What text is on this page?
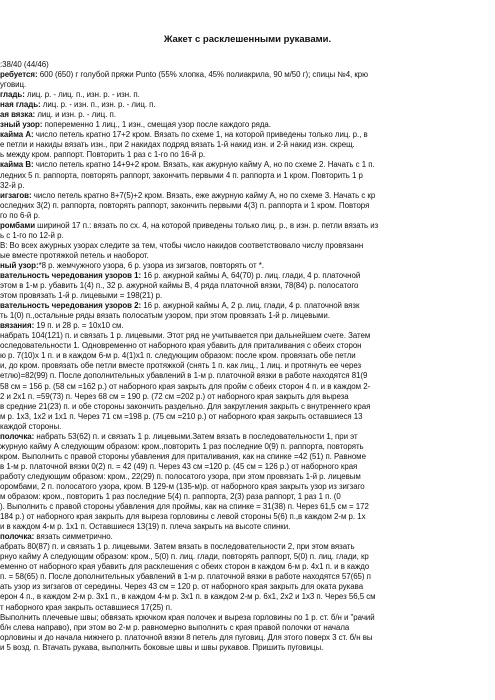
Жакет с расклешенными рукавами.
:38/40 (44/46)
ребуется: 600 (650) г голубой пряжи Punto (55% хлопка, 45% полиакрила, 90 м/50 г); спицы №4, крю
уговиц.
гладь: лиц. р. - лиц. п., изн. р. - изн. п.
ная гладь: лиц. р. - изн. п., изн. р. - лиц. п.
ая вязка: лиц. и изн. р. - лиц. п.
зный узор: попеременно 1 лиц., 1 изн., смещая узор после каждого ряда.
кайма А: число петель кратно 17+2 кром. Вязать по схеме 1, на которой приведены только лиц. р., в
е петли и накиды вязать изн., при 2 накидах подряд вязать 1-й накид изн. и 2-й накид изн. скрещ.
ь между кром. раппорт. Повторить 1 раз с 1-го по 16-й р.
кайма В: число петель кратно 14+9+2 кром. Вязать, как ажурную кайму А, но по схеме 2. Начать с 1 п.
ледних 5 п. раппорта, повторять раппорт, закончить первыми 4 п. раппорта и 1 кром. Повторить 1 р
32-й р.
игзагов: число петель кратно 8+7(5)+2 кром. Вязать, еже ажурную кайму А, но по схеме 3. Начать с кр
оследних 3(2) п. раппорта, повторять раппорт, закончить первыми 4(3) п. раппорта и 1 кром. Повторя
го по 6-й р.
ромбами шириной 17 п.: вязать по сх. 4, на которой приведены только лиц. р., в изн. р. петли вязать из
ь с 1-го по 12-й р.
В: Во всех ажурных узорах следите за тем, чтобы число накидов соответствовало числу провязанн
ые вместе протяжкой петель и наоборот.
ный узор:*8 р. жемчужного узора, 6 р. узора из зигзагов, повторять от *.
вательность чередования узоров 1: 16 р. ажурной каймы А, 64(70) р. лиц. глади, 4 р. платочной
этом в 1-м р. убавить 1(4) п., 32 р. ажурной каймы В, 4 ряда платочной вязки, 78(84) р. полосатого
этом провязать 1-й р. лицевыми = 198(21) р.
вательность чередования узоров 2: 16 р. ажурной каймы А, 2 р. лиц. глади, 4 р. платочной вязк
ть 1(0) п.,остальные ряды вязать полосатым узором, при этом провязать 1-й р. лицевыми.
вязания: 19 п. и 28 р. = 10х10 см.
набрать 104(121) п. и связать 1 р. лицевыми. Этот ряд не учитывается при дальнейшем счете. Затем
оследовательности 1. Одновременно от наборного края убавить для приталивания с обеих сторон
ю р. 7(10)х 1 п. и в каждом 6-м р. 4(1)х1 п. следующим образом: после кром. провязать обе петли
и, до кром. провязать обе петли вместе протяжкой (снять 1 п. как лиц., 1 лиц. и протянуть ее через
етлю)=82(99) п. После дополнительных убавлений в 1-м р. платочной вязки в работе находятся 81(9
58 см = 156 р. (58 см =162 р.) от наборного края закрыть для пройм с обеих сторон 4 п. и в каждом 2-
2 и 2x1 п. =59(73) п. Через 68 см = 190 р. (72 см =202 р.) от наборного края закрыть для выреза
в средние 21(23) п. и обе стороны закончить раздельно. Для закругления закрыть с внутреннего края
м р. 1x3, 1x2 и 1x1 п. Через 71 см =198 р. (75 см =210 р.) от наборного края закрыть оставшиеся 13
каждой стороны.
полочка: набрать 53(62) п. и связать 1 р. лицевыми.Затем вязать в последовательности 1, при эт
журную кайму А следующим образом: кром.,повторить 1 раз последние 0(9) п. раппорта, повторять
кром. Выполнить с правой стороны убавления для приталивания, как на спинке =42 (51) п. Равноме
в 1-м р. платочной вязки 0(2) п. = 42 (49) п. Через 43 см =120 р. (45 см = 126 р.) от наборного края
работу следующим образом: кром., 22(29) п. полосатого узора, при этом провязать 1-й р. лицевым
оромбами, 2 п. полосатого узора, кром. В 129-м (135-м)р. от наборного края закрыть узор из зигзаго
м образом: кром., повторить 1 раз последние 5(4) п. раппорта, 2(3) раза раппорт, 1 раз 1 п. (0
). Выполнить с правой стороны убавления для проймы, как на спинке = 31(38) п. Через 61,5 см = 172
184 р.) от наборного края закрыть для выреза горловины с левой стороны 5(6) п.,в каждом 2-м р. 1x
и в каждом 4-м р. 1x1 п. Оставшиеся 13(19) п. плеча закрыть на высоте спинки.
полочка: вязать симметрично.
абрать 80(87) п. и связать 1 р. лицевыми. Затем вязать в последовательности 2, при этом вязать
рнуо кайму А следующим образом: кром., 5(0) п. лиц. глади, повторять раппорт, 5(0) п. лиц. глади, кр
еменно от наборного края убавить для расклешения с обеих сторон в каждом 6-м р. 4x1 п. и в каждо
п. = 58(65) п. После дополнительных убавлений в 1-м р. платочной вязки в работе находятся 57(65) п
ать узор из зигзагов от середины. Через 43 см = 120 р. от наборного края закрыть для оката рукава
ерон 4 п., в каждом 2-м р. 3x1 п., в каждом 4-м р. 3x1 п. в каждом 2-м р. 6x1, 2x2 и 1x3 п. Через 56,5 см
т наборного края закрыть оставшиеся 17(25) п.
Выполнить плечевые швы; обвязать крючком края полочек и выреза горловины по 1 р. ст. б/н и "рачий
б/н слева направо), при этом во 2-м р. равномерно выполнить с края правой полочки от начала
орловины и до начала нижнего р. платочной вязки 8 петель для пуговиц. Для этого поверх 3 ст. б/н вы
и 5 возд. п. Втачать рукава, выполнить боковые швы и швы рукавов. Пришить пуговицы.
